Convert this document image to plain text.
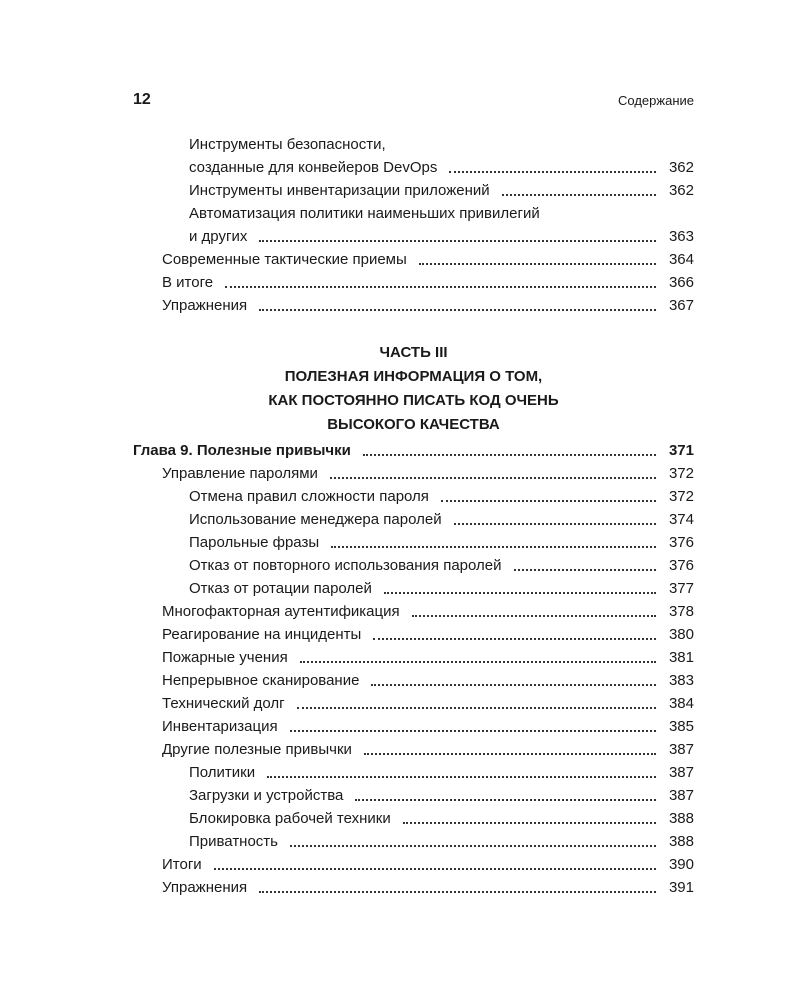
12	Содержание
Инструменты безопасности,
созданные для конвейеров DevOps	362
Инструменты инвентаризации приложений	362
Автоматизация политики наименьших привилегий
и других	363
Современные тактические приемы	364
В итоге	366
Упражнения	367
ЧАСТЬ III
ПОЛЕЗНАЯ ИНФОРМАЦИЯ О ТОМ,
КАК ПОСТОЯННО ПИСАТЬ КОД ОЧЕНЬ
ВЫСОКОГО КАЧЕСТВА
Глава 9. Полезные привычки	371
Управление паролями	372
Отмена правил сложности пароля	372
Использование менеджера паролей	374
Парольные фразы	376
Отказ от повторного использования паролей	376
Отказ от ротации паролей	377
Многофакторная аутентификация	378
Реагирование на инциденты	380
Пожарные учения	381
Непрерывное сканирование	383
Технический долг	384
Инвентаризация	385
Другие полезные привычки	387
Политики	387
Загрузки и устройства	387
Блокировка рабочей техники	388
Приватность	388
Итоги	390
Упражнения	391
